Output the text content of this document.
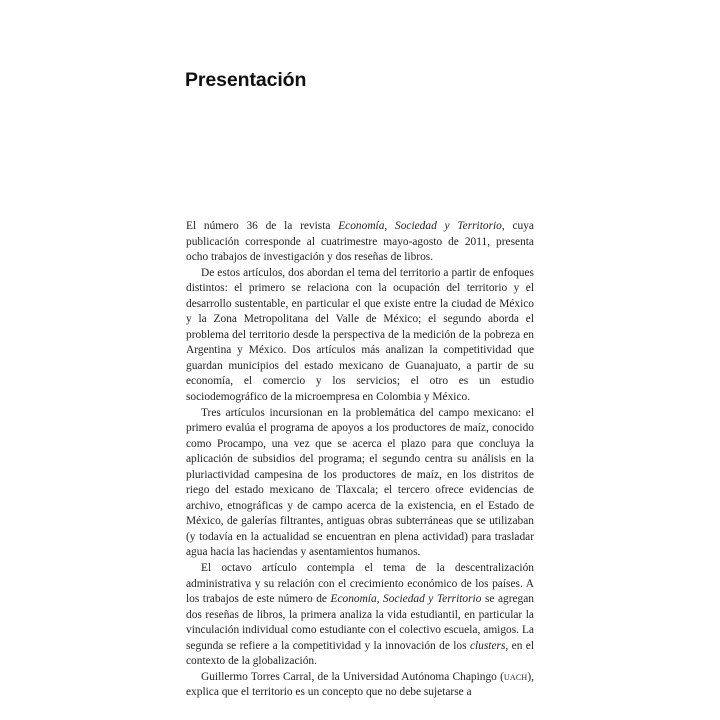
Presentación

El número 36 de la revista Economía, Sociedad y Territorio, cuya publicación corresponde al cuatrimestre mayo-agosto de 2011, presenta ocho trabajos de investigación y dos reseñas de libros.

De estos artículos, dos abordan el tema del territorio a partir de enfoques distintos: el primero se relaciona con la ocupación del territorio y el desarrollo sustentable, en particular el que existe entre la ciudad de México y la Zona Metropolitana del Valle de México; el segundo aborda el problema del territorio desde la perspectiva de la medición de la pobreza en Argentina y México. Dos artículos más analizan la competitividad que guardan municipios del estado mexicano de Guanajuato, a partir de su economía, el comercio y los servicios; el otro es un estudio sociodemográfico de la microempresa en Colombia y México.

Tres artículos incursionan en la problemática del campo mexicano: el primero evalúa el programa de apoyos a los productores de maíz, conocido como Procampo, una vez que se acerca el plazo para que concluya la aplicación de subsidios del programa; el segundo centra su análisis en la pluriactividad campesina de los productores de maíz, en los distritos de riego del estado mexicano de Tlaxcala; el tercero ofrece evidencias de archivo, etnográficas y de campo acerca de la existencia, en el Estado de México, de galerías filtrantes, antiguas obras subterráneas que se utilizaban (y todavía en la actualidad se encuentran en plena actividad) para trasladar agua hacia las haciendas y asentamientos humanos.

El octavo artículo contempla el tema de la descentralización administrativa y su relación con el crecimiento económico de los países. A los trabajos de este número de Economía, Sociedad y Territorio se agregan dos reseñas de libros, la primera analiza la vida estudiantil, en particular la vinculación individual como estudiante con el colectivo escuela, amigos. La segunda se refiere a la competitividad y la innovación de los clusters, en el contexto de la globalización.

Guillermo Torres Carral, de la Universidad Autónoma Chapingo (uach), explica que el territorio es un concepto que no debe sujetarse a
